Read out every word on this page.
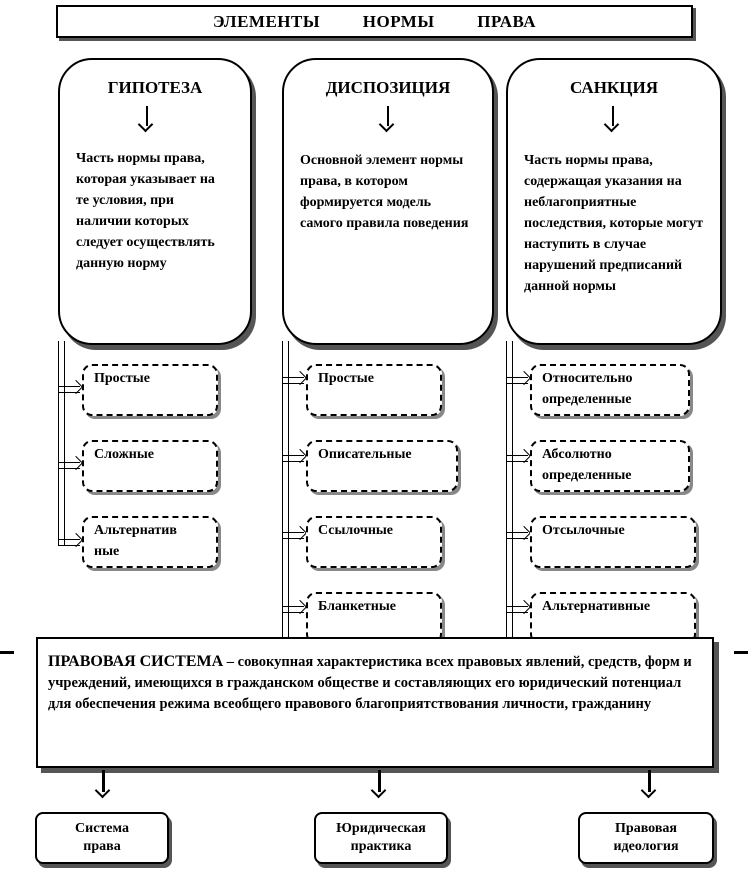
ЭЛЕМЕНТЫ НОРМЫ ПРАВА
ГИПОТЕЗА
Часть нормы права, которая указывает на те условия, при наличии которых следует осуществлять данную норму
Простые
Сложные
Альтернатив ные
ДИСПОЗИЦИЯ
Основной элемент нормы права, в котором формируется модель самого правила поведения
Простые
Описательные
Ссылочные
Бланкетные
САНКЦИЯ
Часть нормы права, содержащая указания на неблагоприятные последствия, которые могут наступить в случае нарушений предписаний данной нормы
Относительно определенные
Абсолютно определенные
Отсылочные
Альтернативные
ПРАВОВАЯ СИСТЕМА – совокупная характеристика всех правовых явлений, средств, форм и учреждений, имеющихся в гражданском обществе и составляющих его юридический потенциал для обеспечения режима всеобщего правового благоприятствования личности, гражданину
Система права
Юридическая практика
Правовая идеология
